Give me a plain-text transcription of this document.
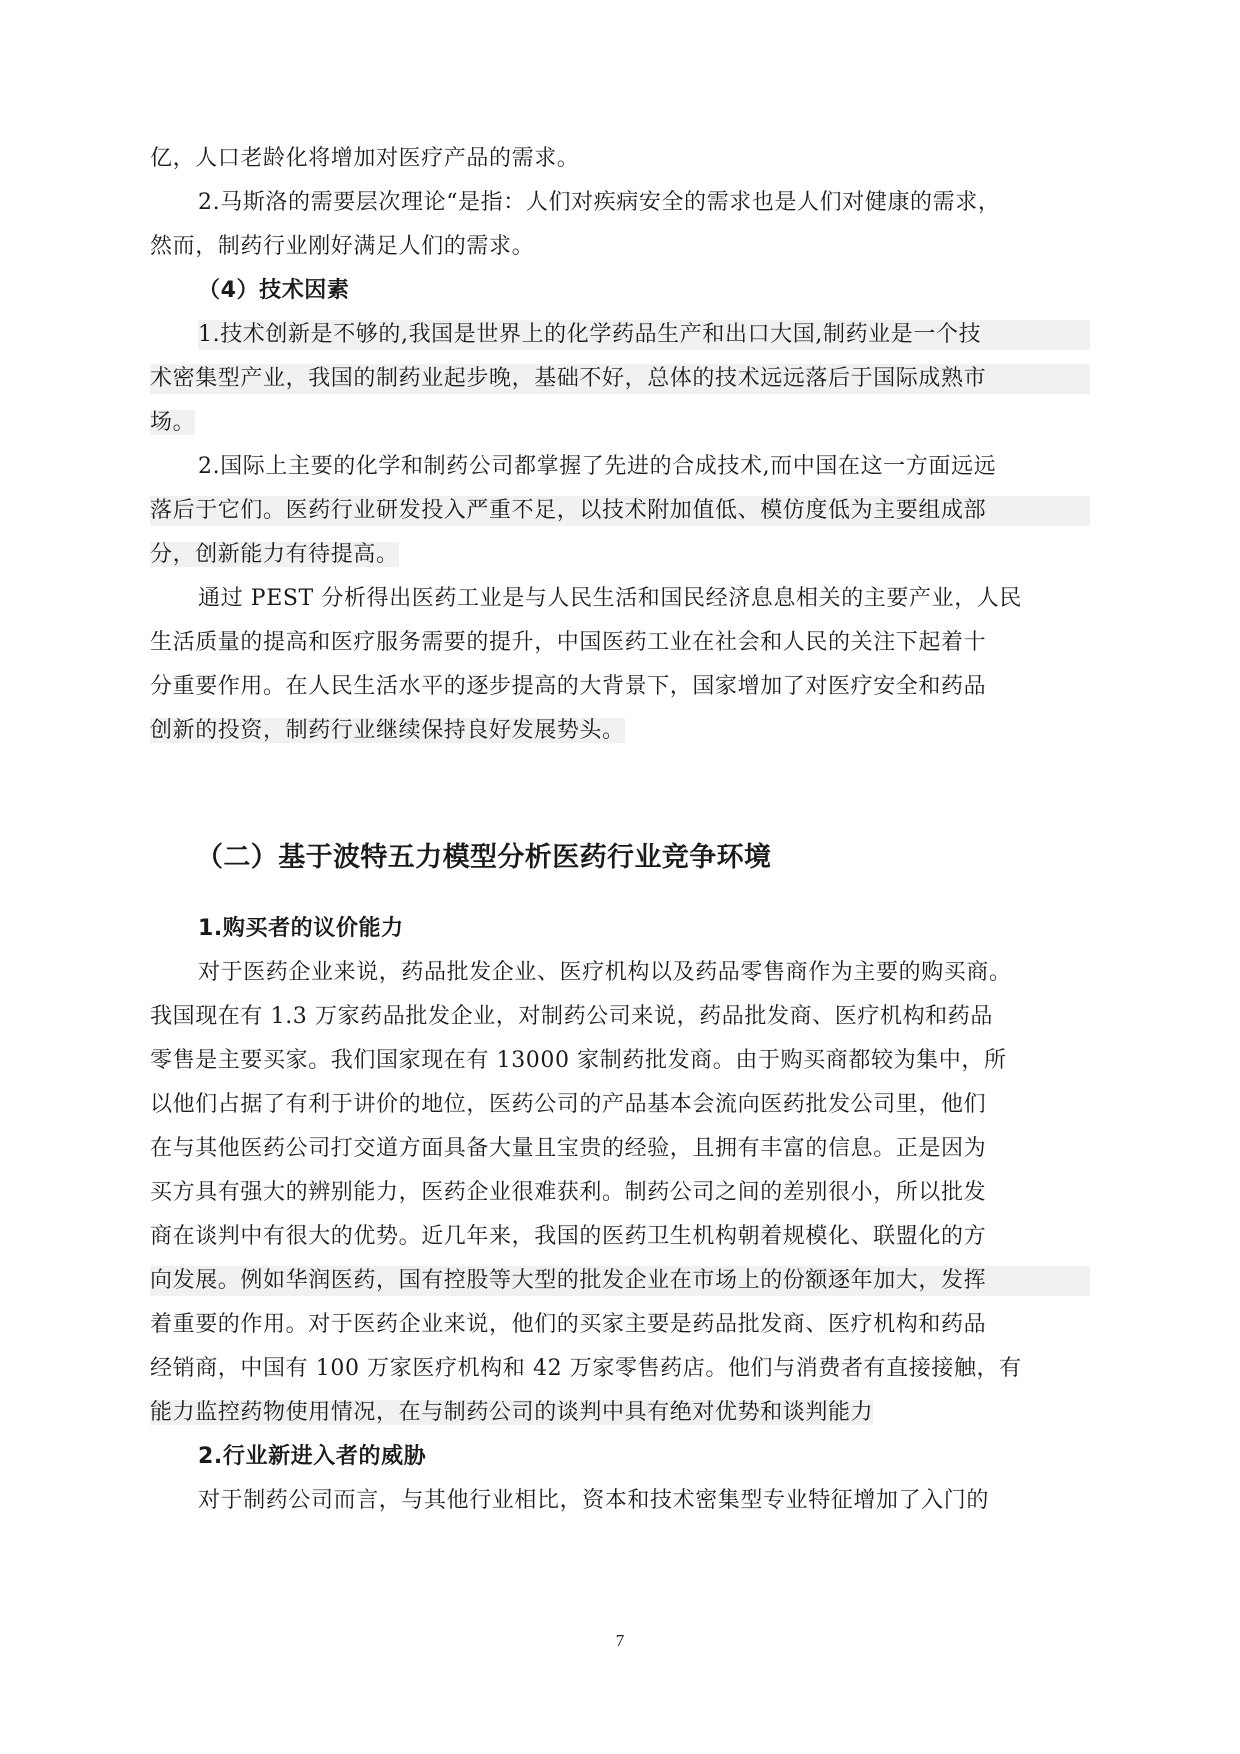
亿，人口老龄化将增加对医疗产品的需求。
2.马斯洛的需要层次理论“是指：人们对疾病安全的需求也是人们对健康的需求，
然而，制药行业刚好满足人们的需求。
（4）技术因素
1.技术创新是不够的,我国是世界上的化学药品生产和出口大国,制药业是一个技
术密集型产业，我国的制药业起步晚，基础不好，总体的技术远远落后于国际成熟市
场。
2.国际上主要的化学和制药公司都掌握了先进的合成技术,而中国在这一方面远远
落后于它们。医药行业研发投入严重不足，以技术附加值低、模仿度低为主要组成部
分，创新能力有待提高。
通过 PEST 分析得出医药工业是与人民生活和国民经济息息相关的主要产业，人民
生活质量的提高和医疗服务需要的提升，中国医药工业在社会和人民的关注下起着十
分重要作用。在人民生活水平的逐步提高的大背景下，国家增加了对医疗安全和药品
创新的投资，制药行业继续保持良好发展势头。
（二）基于波特五力模型分析医药行业竞争环境
1.购买者的议价能力
对于医药企业来说，药品批发企业、医疗机构以及药品零售商作为主要的购买商。
我国现在有 1.3 万家药品批发企业，对制药公司来说，药品批发商、医疗机构和药品
零售是主要买家。我们国家现在有 13000 家制药批发商。由于购买商都较为集中，所
以他们占据了有利于讲价的地位，医药公司的产品基本会流向医药批发公司里，他们
在与其他医药公司打交道方面具备大量且宝贵的经验，且拥有丰富的信息。正是因为
买方具有强大的辨别能力，医药企业很难获利。制药公司之间的差别很小，所以批发
商在谈判中有很大的优势。近几年来，我国的医药卫生机构朝着规模化、联盟化的方
向发展。例如华润医药，国有控股等大型的批发企业在市场上的份额逐年加大，发挥
着重要的作用。对于医药企业来说，他们的买家主要是药品批发商、医疗机构和药品
经销商，中国有 100 万家医疗机构和 42 万家零售药店。他们与消费者有直接接触，有
能力监控药物使用情况，在与制药公司的谈判中具有绝对优势和谈判能力
2.行业新进入者的威胁
对于制药公司而言，与其他行业相比，资本和技术密集型专业特征增加了入门的
7
